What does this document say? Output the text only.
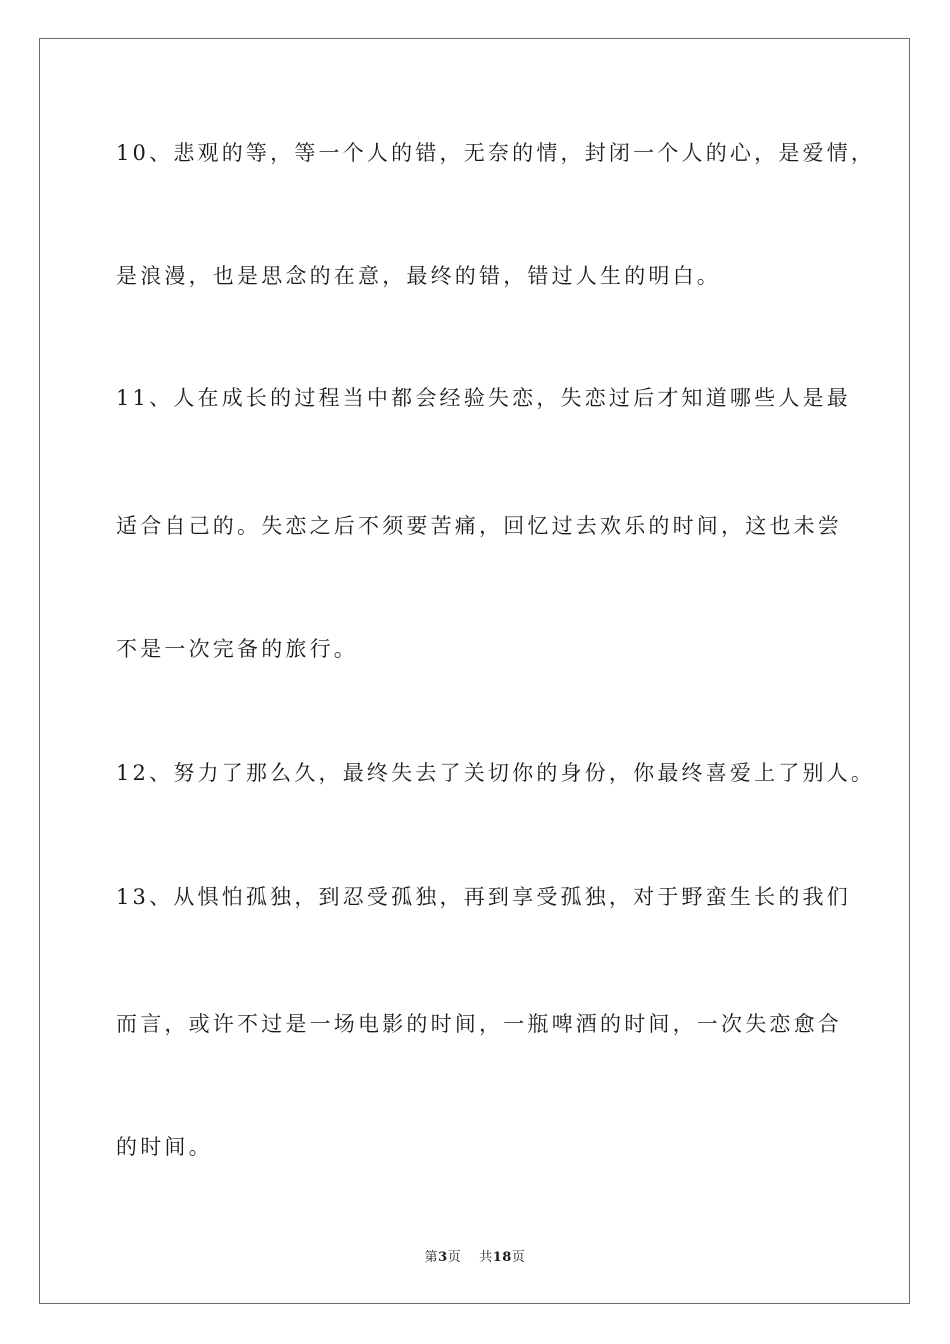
10、悲观的等，等一个人的错，无奈的情，封闭一个人的心，是爱情，
是浪漫，也是思念的在意，最终的错，错过人生的明白。
11、人在成长的过程当中都会经验失恋，失恋过后才知道哪些人是最
适合自己的。失恋之后不须要苦痛，回忆过去欢乐的时间，这也未尝
不是一次完备的旅行。
12、努力了那么久，最终失去了关切你的身份，你最终喜爱上了别人。
13、从惧怕孤独，到忍受孤独，再到享受孤独，对于野蛮生长的我们
而言，或许不过是一场电影的时间，一瓶啤酒的时间，一次失恋愈合
的时间。
第3页 共18页
